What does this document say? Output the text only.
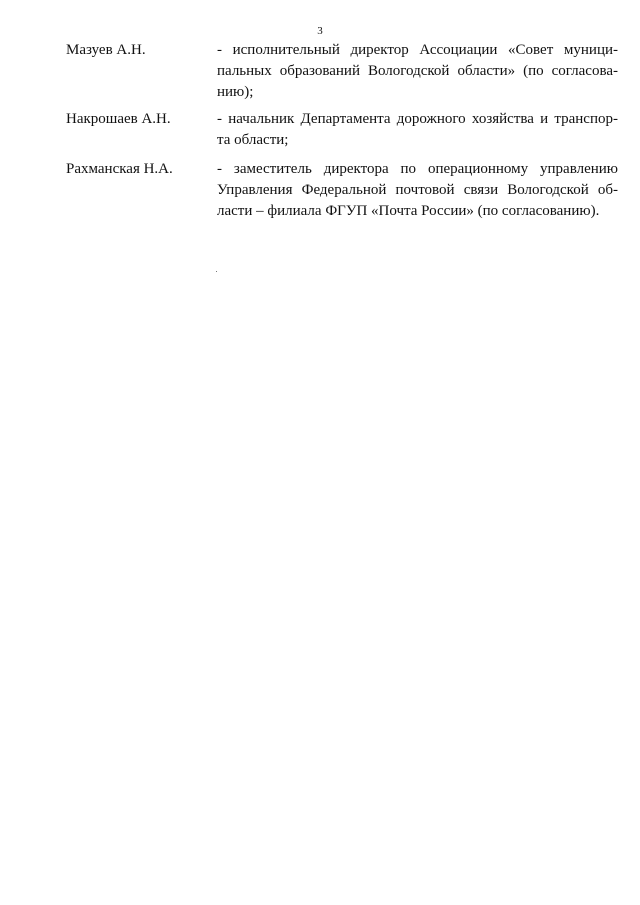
3
Мазуев А.Н.	- исполнительный директор Ассоциации «Совет муници-
пальных образований Вологодской области» (по согласова-
нию);
Накрошаев А.Н.	- начальник Департамента дорожного хозяйства и транспор-
та области;
Рахманская Н.А.	- заместитель директора по операционному управлению
Управления Федеральной почтовой связи Вологодской об-
ласти – филиала ФГУП «Почта России» (по согласованию).
